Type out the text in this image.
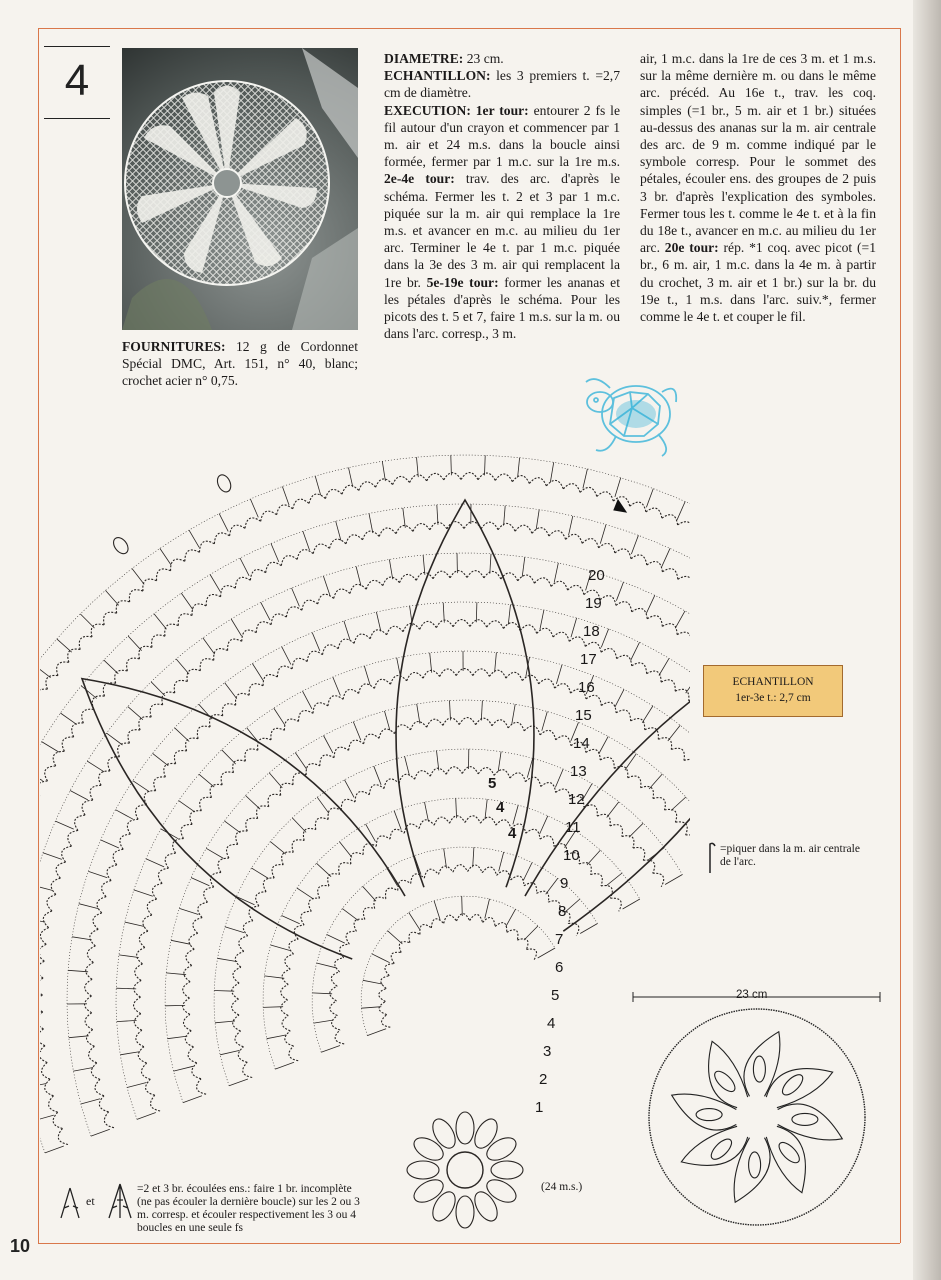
4	DIAMETRE: 23 cm.
ECHANTILLON: les 3 premiers t. =2,7 cm de diamètre.
EXECUTION: 1er tour: entourer 2 fs le fil autour d'un crayon et commencer par 1 m. air et 24 m.s. dans la boucle ainsi formée, fermer par 1 m.c. sur la 1re m.s. 2e-4e tour: trav. des arc. d'après le schéma. Fermer les t. 2 et 3 par 1 m.c. piquée sur la m. air qui remplace la 1re m.s. et avancer en m.c. au milieu du 1er arc. Terminer le 4e t. par 1 m.c. piquée dans la 3e des 3 m. air qui remplacent la 1re br. 5e-19e tour: former les ananas et les pétales d'après le schéma. Pour les picots des t. 5 et 7, faire 1 m.s. sur la m. ou dans l'arc. corresp., 3 m.
air, 1 m.c. dans la 1re de ces 3 m. et 1 m.s. sur la même dernière m. ou dans le même arc. précéd. Au 16e t., trav. les coq. simples (=1 br., 5 m. air et 1 br.) situées au-dessus des ananas sur la m. air centrale des arc. de 9 m. comme indiqué par le symbole corresp. Pour le sommet des pétales, écouler ens. des groupes de 2 puis 3 br. d'après l'explication des symboles. Fermer tous les t. comme le 4e t. et à la fin du 18e t., avancer en m.c. au milieu du 1er arc. 20e tour: rép. *1 coq. avec picot (=1 br., 6 m. air, 1 m.c. dans la 4e m. à partir du crochet, 3 m. air et 1 br.) sur la br. du 19e t., 1 m.s. dans l'arc. suiv.*, fermer comme le 4e t. et couper le fil.
FOURNITURES: 12 g de Cordonnet Spécial DMC, Art. 151, n° 40, blanc; crochet acier n° 0,75.
1
2
3
4
5
6
7
8
9
10
11
12
13
14
15
16
17
18
19
20
5
4
4
(24 m.s.)
ECHANTILLON
1er-3e t.: 2,7 cm
=piquer dans la m. air centrale de l'arc.
et
=2 et 3 br. écoulées ens.: faire 1 br. incomplète (ne pas écouler la dernière boucle) sur les 2 ou 3 m. corresp. et écouler respectivement les 3 ou 4 boucles en une seule fs
23 cm
10
